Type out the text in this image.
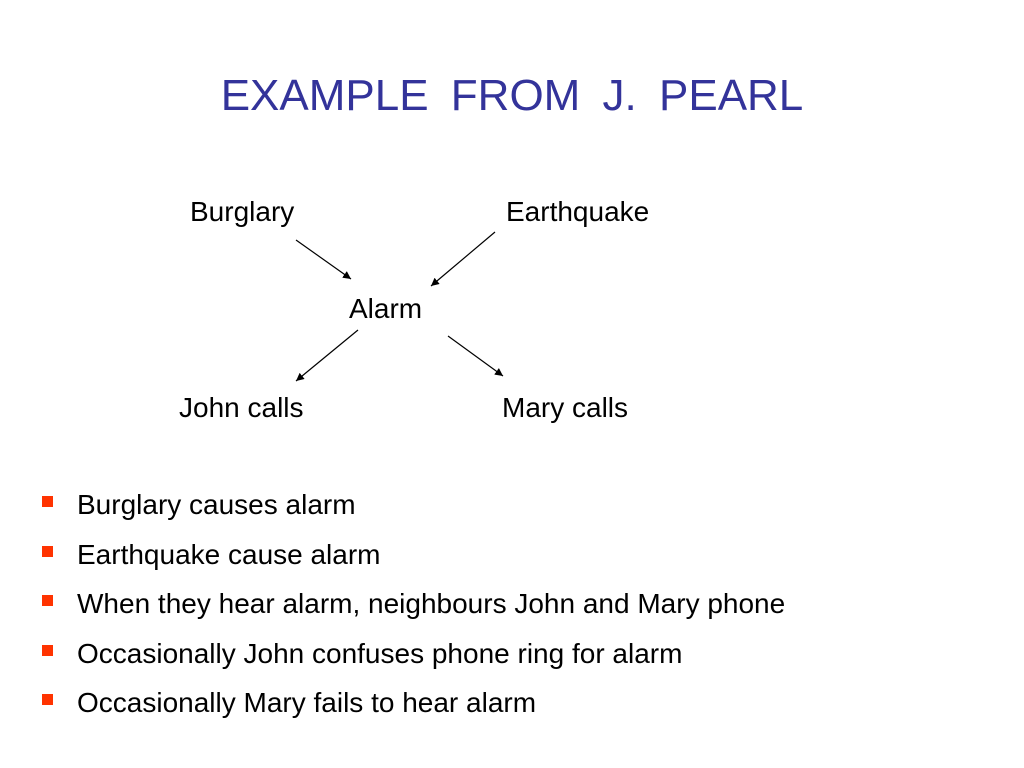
EXAMPLE FROM J. PEARL
Burglary	Earthquake
Alarm
John calls	Mary calls
Burglary causes alarm
Earthquake cause alarm
When they hear alarm, neighbours John and Mary phone
Occasionally John confuses phone ring for alarm
Occasionally Mary fails to hear alarm
